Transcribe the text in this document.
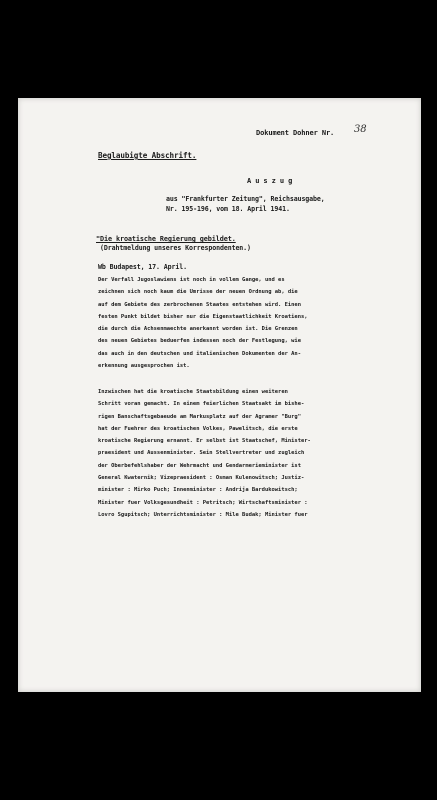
Dokument Dohner Nr. 38
Beglaubigte Abschrift.
Auszug
aus "Frankfurter Zeitung", Reichsausgabe,
Nr. 195-196, vom 18. April 1941.
"Die kroatische Regierung gebildet.
(Drahtmeldung unseres Korrespondenten.)
Wb Budapest, 17. April.
Der Verfall Jugoslawiens ist noch in vollem Gange, und es
zeichnen sich noch kaum die Umrisse der neuen Ordnung ab, die
auf dem Gebiete des zerbrochenen Staates entstehen wird. Einen
festen Punkt bildet bisher nur die Eigenstaatlichkeit Kroatiens,
die durch die Achsenmaechte anerkannt worden ist. Die Grenzen
des neuen Gebietes beduerfen indessen noch der Festlegung, wie
das auch in den deutschen und italienischen Dokumenten der An-
erkennung ausgesprochen ist.
Inzwischen hat die kroatische Staatsbildung einen weiteren
Schritt voran gemacht. In einem feierlichen Staatsakt im bishe-
rigen Banschaftsgebaeude am Markusplatz auf der Agramer "Burg"
hat der Fuehrer des kroatischen Volkes, Pawelitsch, die erste
kroatische Regierung ernannt. Er selbst ist Staatschef, Minister-
praesident und Aussenminister. Sein Stellvertreter und zugleich
der Oberbefehlshaber der Wehrmacht und Gendarmerieminister ist
General Kwaternik; Vizepraesident : Osman Kulenowitsch; Justiz-
minister : Mirko Puch; Innenminister : Andrija Bardukowitsch;
Minister fuer Volksgesundheit : Petritsch; Wirtschaftsminister :
Lovro Sgupitsch; Unterrichtsminister : Mile Budak; Minister fuer
